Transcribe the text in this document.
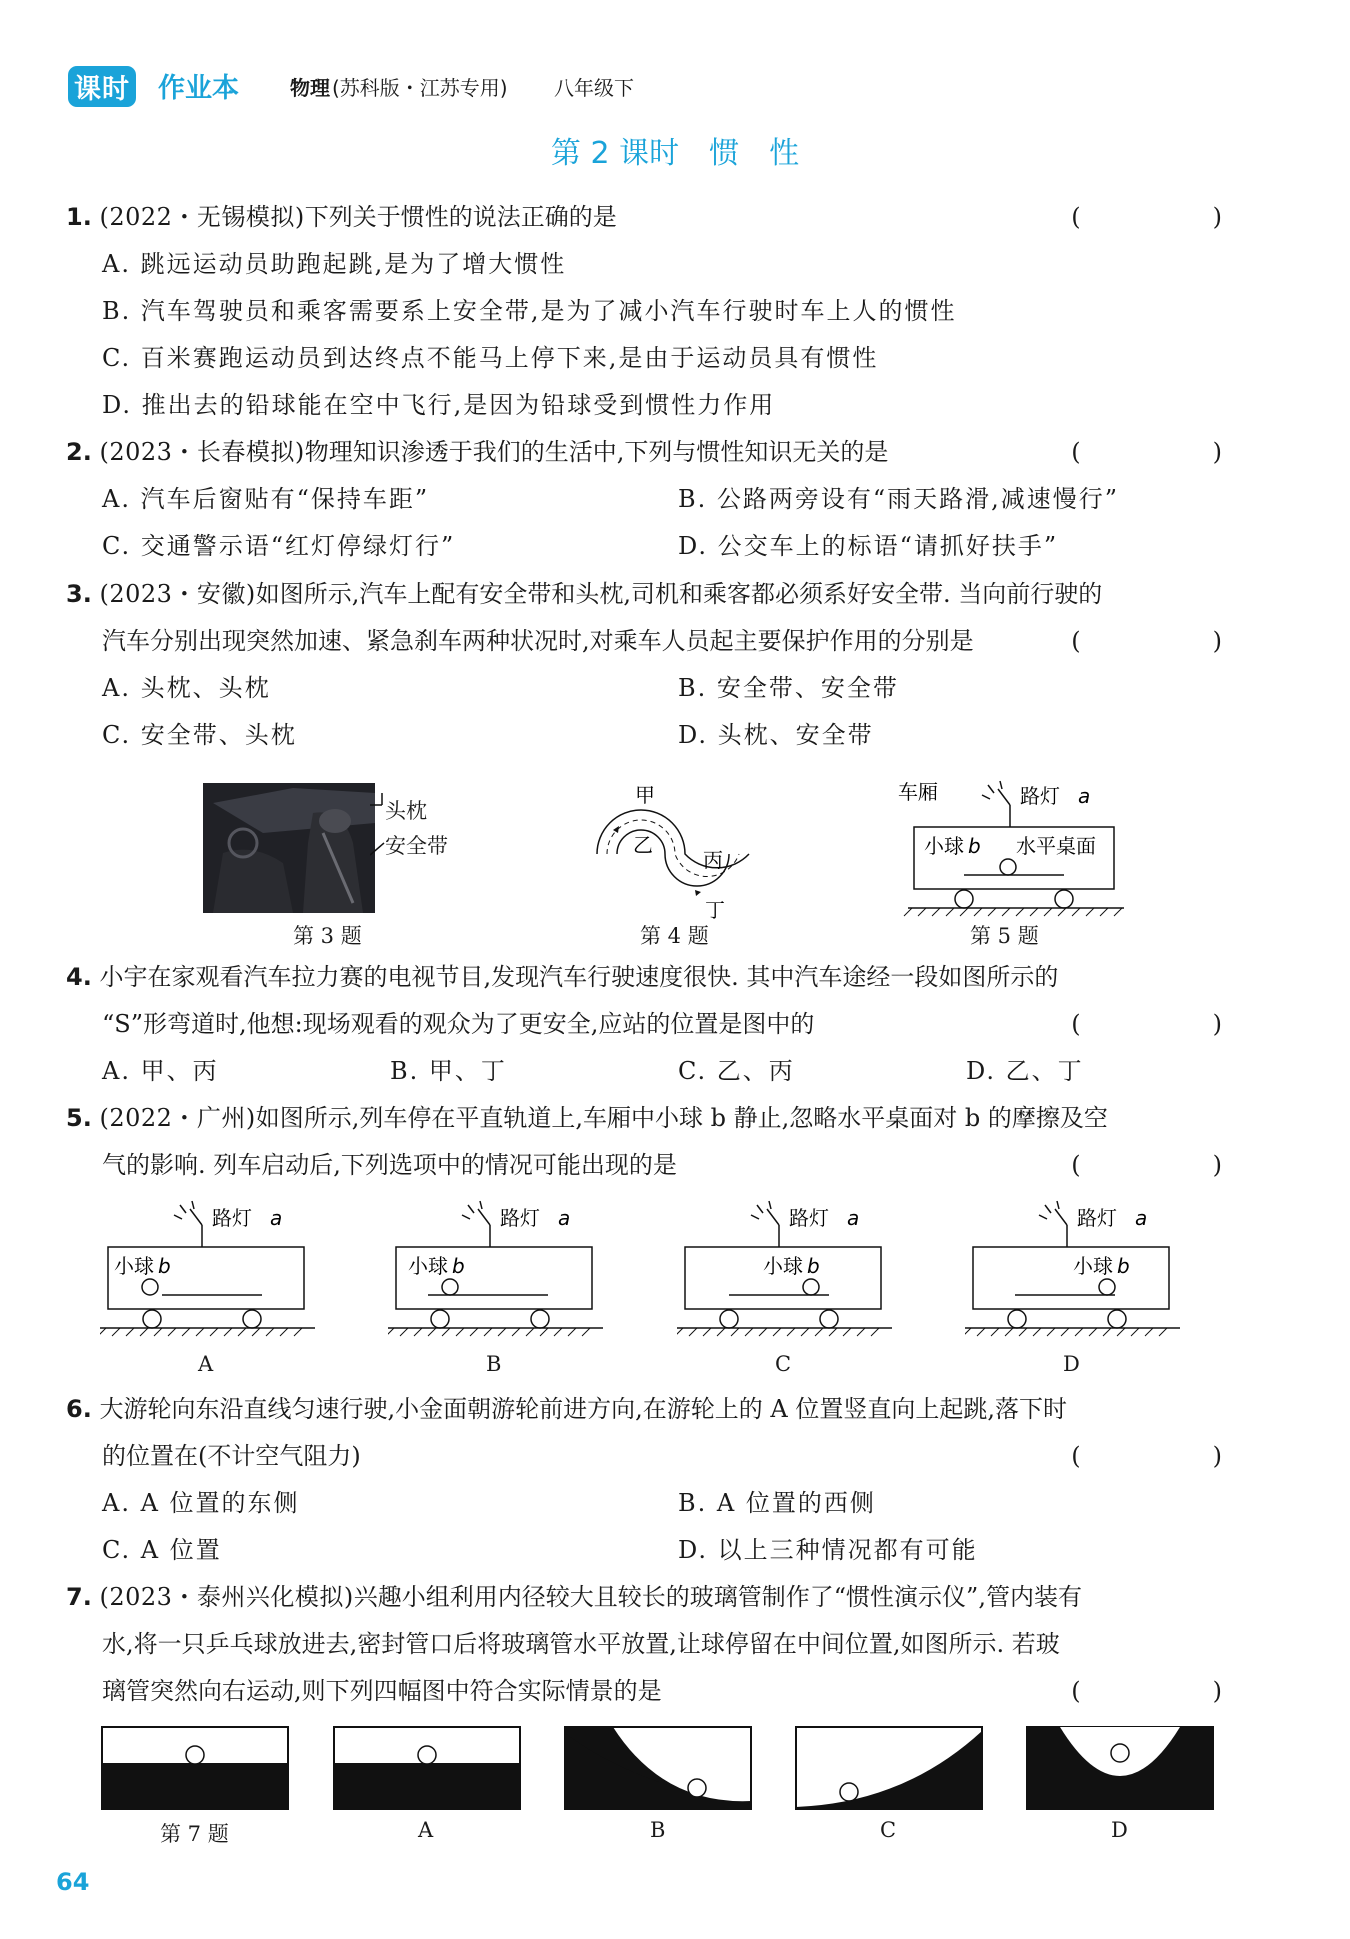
课时 作业本	物理 (苏科版・江苏专用) 八年级下
第 2 课时　惯　性
1. (2022・无锡模拟)下列关于惯性的说法正确的是	(　　)
A. 跳远运动员助跑起跳,是为了增大惯性
B. 汽车驾驶员和乘客需要系上安全带,是为了减小汽车行驶时车上人的惯性
C. 百米赛跑运动员到达终点不能马上停下来,是由于运动员具有惯性
D. 推出去的铅球能在空中飞行,是因为铅球受到惯性力作用
2. (2023・长春模拟)物理知识渗透于我们的生活中,下列与惯性知识无关的是	(　　)
A. 汽车后窗贴有“保持车距”	B. 公路两旁设有“雨天路滑,减速慢行”
C. 交通警示语“红灯停绿灯行”	D. 公交车上的标语“请抓好扶手”
3. (2023・安徽)如图所示,汽车上配有安全带和头枕,司机和乘客都必须系好安全带. 当向前行驶的
汽车分别出现突然加速、紧急刹车两种状况时,对乘车人员起主要保护作用的分别是	(　　)
A. 头枕、头枕	B. 安全带、安全带
C. 安全带、头枕	D. 头枕、安全带
头枕
安全带
第 3 题
甲
乙
丙
丁
第 4 题
车厢	路灯 a
小球 b 水平桌面
第 5 题
4. 小宇在家观看汽车拉力赛的电视节目,发现汽车行驶速度很快. 其中汽车途经一段如图所示的
“S”形弯道时,他想:现场观看的观众为了更安全,应站的位置是图中的	(　　)
A. 甲、丙	B. 甲、丁	C. 乙、丙	D. 乙、丁
5. (2022・广州)如图所示,列车停在平直轨道上,车厢中小球 b 静止,忽略水平桌面对 b 的摩擦及空
气的影响. 列车启动后,下列选项中的情况可能出现的是	(　　)
路灯 a
小球 b
A
路灯 a
小球 b
B
路灯 a
小球 b
C
路灯 a
小球 b
D
6. 大游轮向东沿直线匀速行驶,小金面朝游轮前进方向,在游轮上的 A 位置竖直向上起跳,落下时
的位置在(不计空气阻力)	(　　)
A. A 位置的东侧	B. A 位置的西侧
C. A 位置	D. 以上三种情况都有可能
7. (2023・泰州兴化模拟)兴趣小组利用内径较大且较长的玻璃管制作了“惯性演示仪”,管内装有
水,将一只乒乓球放进去,密封管口后将玻璃管水平放置,让球停留在中间位置,如图所示. 若玻
璃管突然向右运动,则下列四幅图中符合实际情景的是	(　　)
第 7 题	A	B	C	D
64
